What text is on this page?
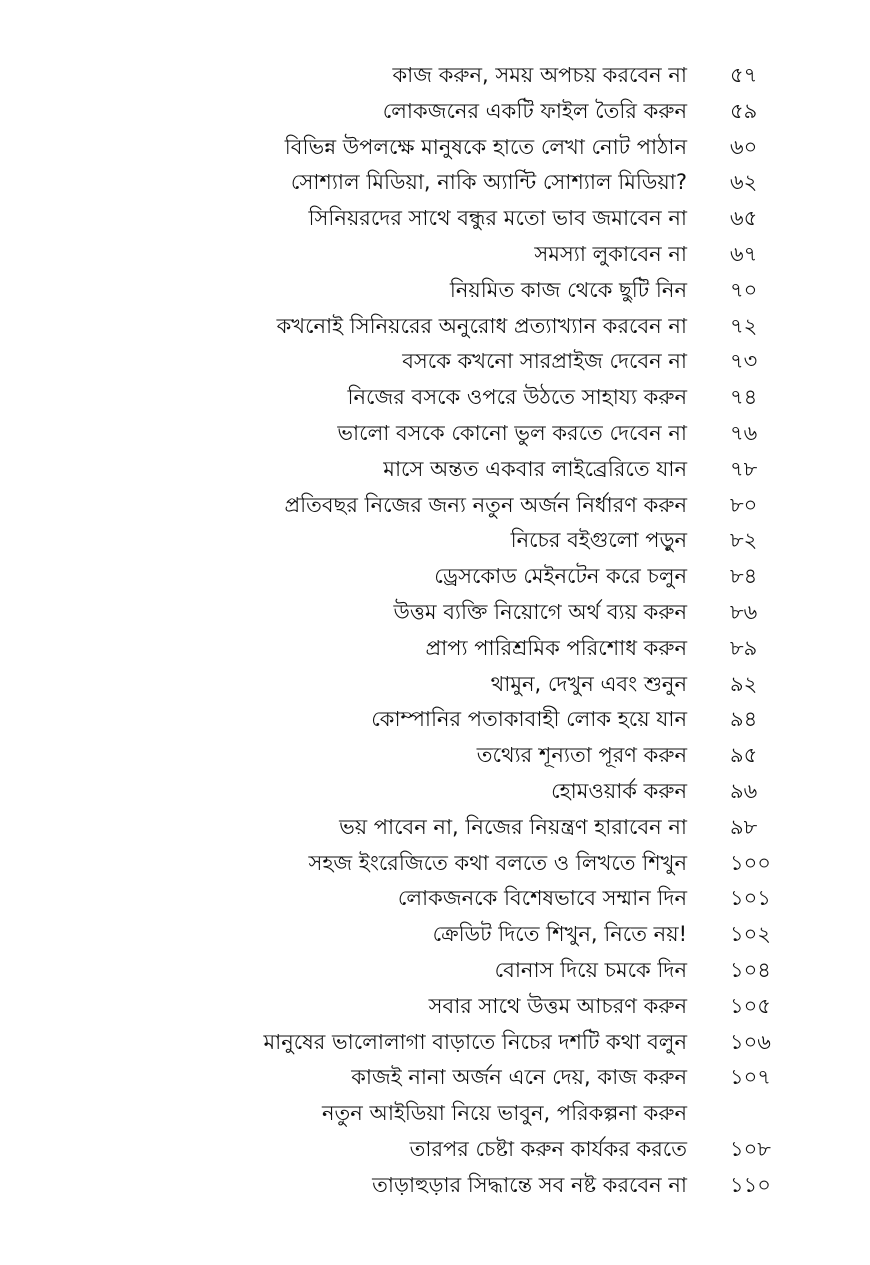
কাজ করুন, সময় অপচয় করবেন না ৫৭
লোকজনের একটি ফাইল তৈরি করুন ৫৯
বিভিন্ন উপলক্ষে মানুষকে হাতে লেখা নোট পাঠান ৬০
সোশ্যাল মিডিয়া, নাকি অ্যান্টি সোশ্যাল মিডিয়া? ৬২
সিনিয়রদের সাথে বন্ধুর মতো ভাব জমাবেন না ৬৫
সমস্যা লুকাবেন না ৬৭
নিয়মিত কাজ থেকে ছুটি নিন ৭০
কখনোই সিনিয়রের অনুরোধ প্রত্যাখ্যান করবেন না ৭২
বসকে কখনো সারপ্রাইজ দেবেন না ৭৩
নিজের বসকে ওপরে উঠতে সাহায্য করুন ৭৪
ভালো বসকে কোনো ভুল করতে দেবেন না ৭৬
মাসে অন্তত একবার লাইব্রেরিতে যান ৭৮
প্রতিবছর নিজের জন্য নতুন অর্জন নির্ধারণ করুন ৮০
নিচের বইগুলো পড়ুন ৮২
ড্রেসকোড মেইনটেন করে চলুন ৮৪
উত্তম ব্যক্তি নিয়োগে অর্থ ব্যয় করুন ৮৬
প্রাপ্য পারিশ্রমিক পরিশোধ করুন ৮৯
থামুন, দেখুন এবং শুনুন ৯২
কোম্পানির পতাকাবাহী লোক হয়ে যান ৯৪
তথ্যের শূন্যতা পূরণ করুন ৯৫
হোমওয়ার্ক করুন ৯৬
ভয় পাবেন না, নিজের নিয়ন্ত্রণ হারাবেন না ৯৮
সহজ ইংরেজিতে কথা বলতে ও লিখতে শিখুন ১০০
লোকজনকে বিশেষভাবে সম্মান দিন ১০১
ক্রেডিট দিতে শিখুন, নিতে নয়! ১০২
বোনাস দিয়ে চমকে দিন ১০৪
সবার সাথে উত্তম আচরণ করুন ১০৫
মানুষের ভালোলাগা বাড়াতে নিচের দশটি কথা বলুন ১০৬
কাজই নানা অর্জন এনে দেয়, কাজ করুন ১০৭
নতুন আইডিয়া নিয়ে ভাবুন, পরিকল্পনা করুন
তারপর চেষ্টা করুন কার্যকর করতে ১০৮
তাড়াহুড়ার সিদ্ধান্তে সব নষ্ট করবেন না ১১০
